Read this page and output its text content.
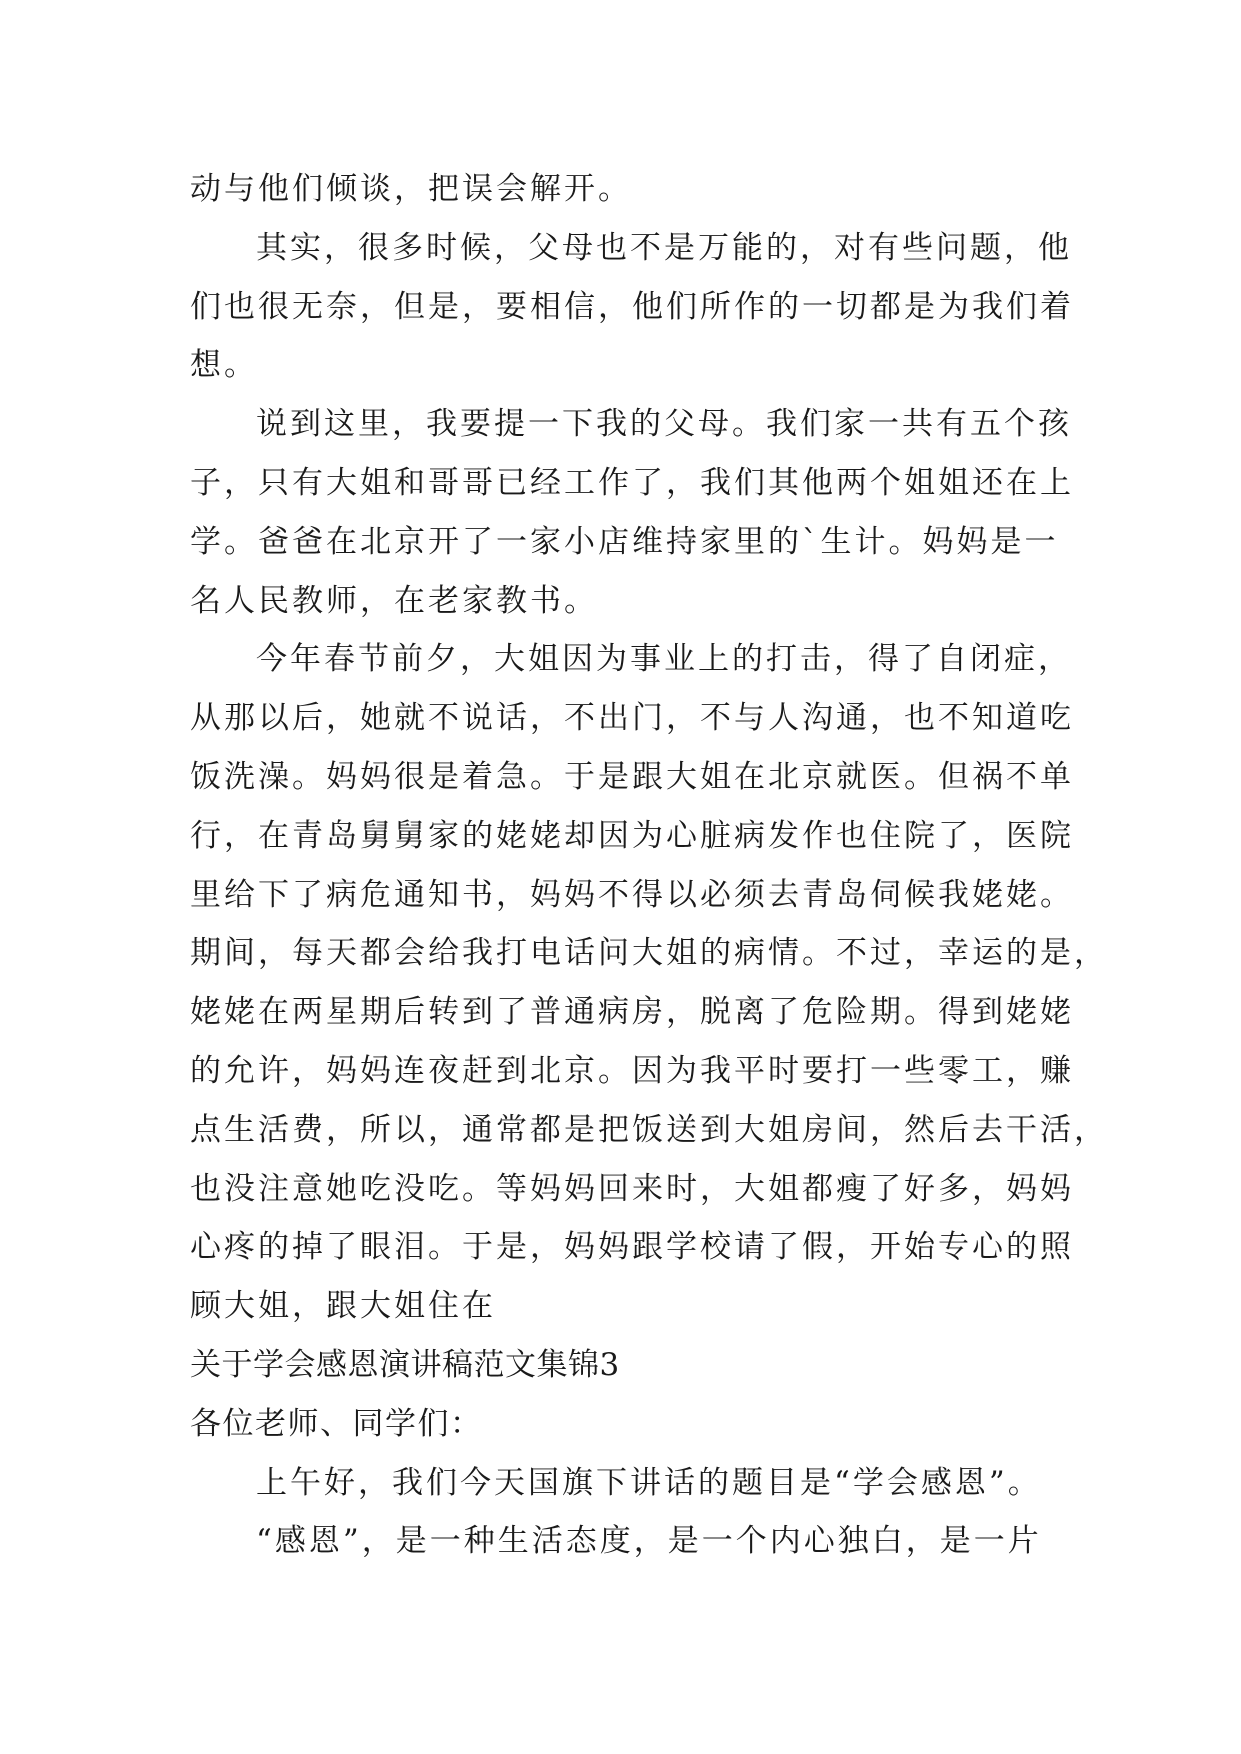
动与他们倾谈，把误会解开。
其实，很多时候，父母也不是万能的，对有些问题，他
们也很无奈，但是，要相信，他们所作的一切都是为我们着
想。
说到这里，我要提一下我的父母。我们家一共有五个孩
子，只有大姐和哥哥已经工作了，我们其他两个姐姐还在上
学。爸爸在北京开了一家小店维持家里的`生计。妈妈是一
名人民教师，在老家教书。
今年春节前夕，大姐因为事业上的打击，得了自闭症，
从那以后，她就不说话，不出门，不与人沟通，也不知道吃
饭洗澡。妈妈很是着急。于是跟大姐在北京就医。但祸不单
行，在青岛舅舅家的姥姥却因为心脏病发作也住院了，医院
里给下了病危通知书，妈妈不得以必须去青岛伺候我姥姥。
期间，每天都会给我打电话问大姐的病情。不过，幸运的是，
姥姥在两星期后转到了普通病房，脱离了危险期。得到姥姥
的允许，妈妈连夜赶到北京。因为我平时要打一些零工，赚
点生活费，所以，通常都是把饭送到大姐房间，然后去干活，
也没注意她吃没吃。等妈妈回来时，大姐都瘦了好多，妈妈
心疼的掉了眼泪。于是，妈妈跟学校请了假，开始专心的照
顾大姐，跟大姐住在
关于学会感恩演讲稿范文集锦3
各位老师、同学们：
上午好，我们今天国旗下讲话的题目是“学会感恩”。
“感恩”，是一种生活态度，是一个内心独白，是一片
